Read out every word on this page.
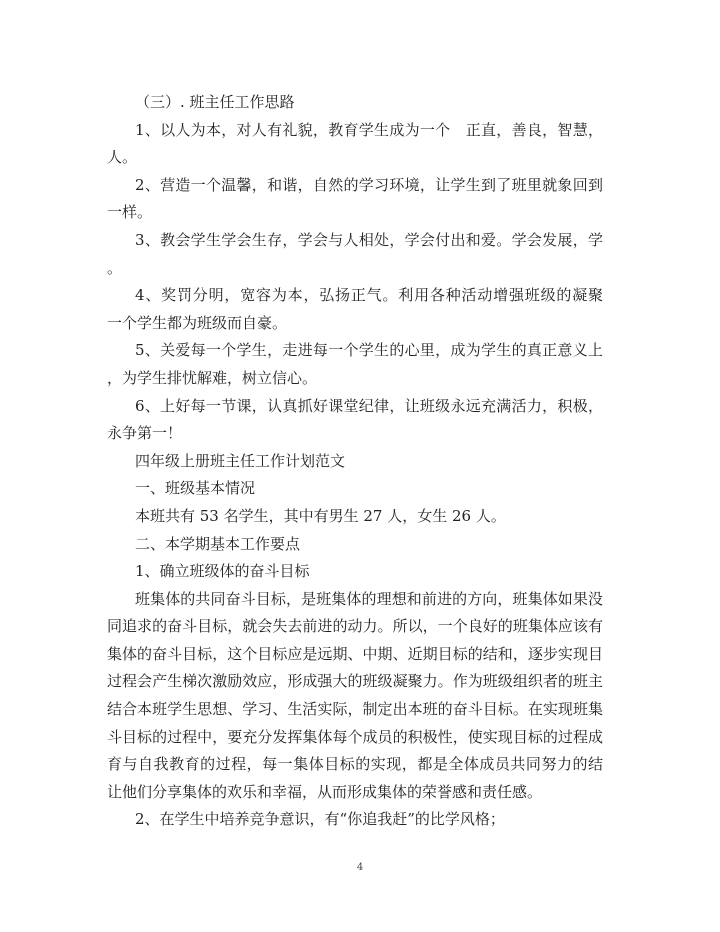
（三）. 班主任工作思路
1、以人为本，对人有礼貌，教育学生成为一个　正直，善良，智慧，
人。
2、营造一个温馨，和谐，自然的学习环境，让学生到了班里就象回到
一样。
3、教会学生学会生存，学会与人相处，学会付出和爱。学会发展，学
。
4、奖罚分明，宽容为本，弘扬正气。利用各种活动增强班级的凝聚
一个学生都为班级而自豪。
5、关爱每一个学生，走进每一个学生的心里，成为学生的真正意义上
，为学生排忧解难，树立信心。
6、上好每一节课，认真抓好课堂纪律，让班级永远充满活力，积极，
永争第一！
四年级上册班主任工作计划范文
一、班级基本情况
本班共有 53 名学生，其中有男生 27 人，女生 26 人。
二、本学期基本工作要点
1、确立班级体的奋斗目标
班集体的共同奋斗目标，是班集体的理想和前进的方向，班集体如果没
同追求的奋斗目标，就会失去前进的动力。所以，一个良好的班集体应该有
集体的奋斗目标，这个目标应是远期、中期、近期目标的结和，逐步实现目
过程会产生梯次激励效应，形成强大的班级凝聚力。作为班级组织者的班主
结合本班学生思想、学习、生活实际，制定出本班的奋斗目标。在实现班集
斗目标的过程中，要充分发挥集体每个成员的积极性，使实现目标的过程成
育与自我教育的过程，每一集体目标的实现，都是全体成员共同努力的结
让他们分享集体的欢乐和幸福，从而形成集体的荣誉感和责任感。
2、在学生中培养竞争意识，有“你追我赶”的比学风格；
4
